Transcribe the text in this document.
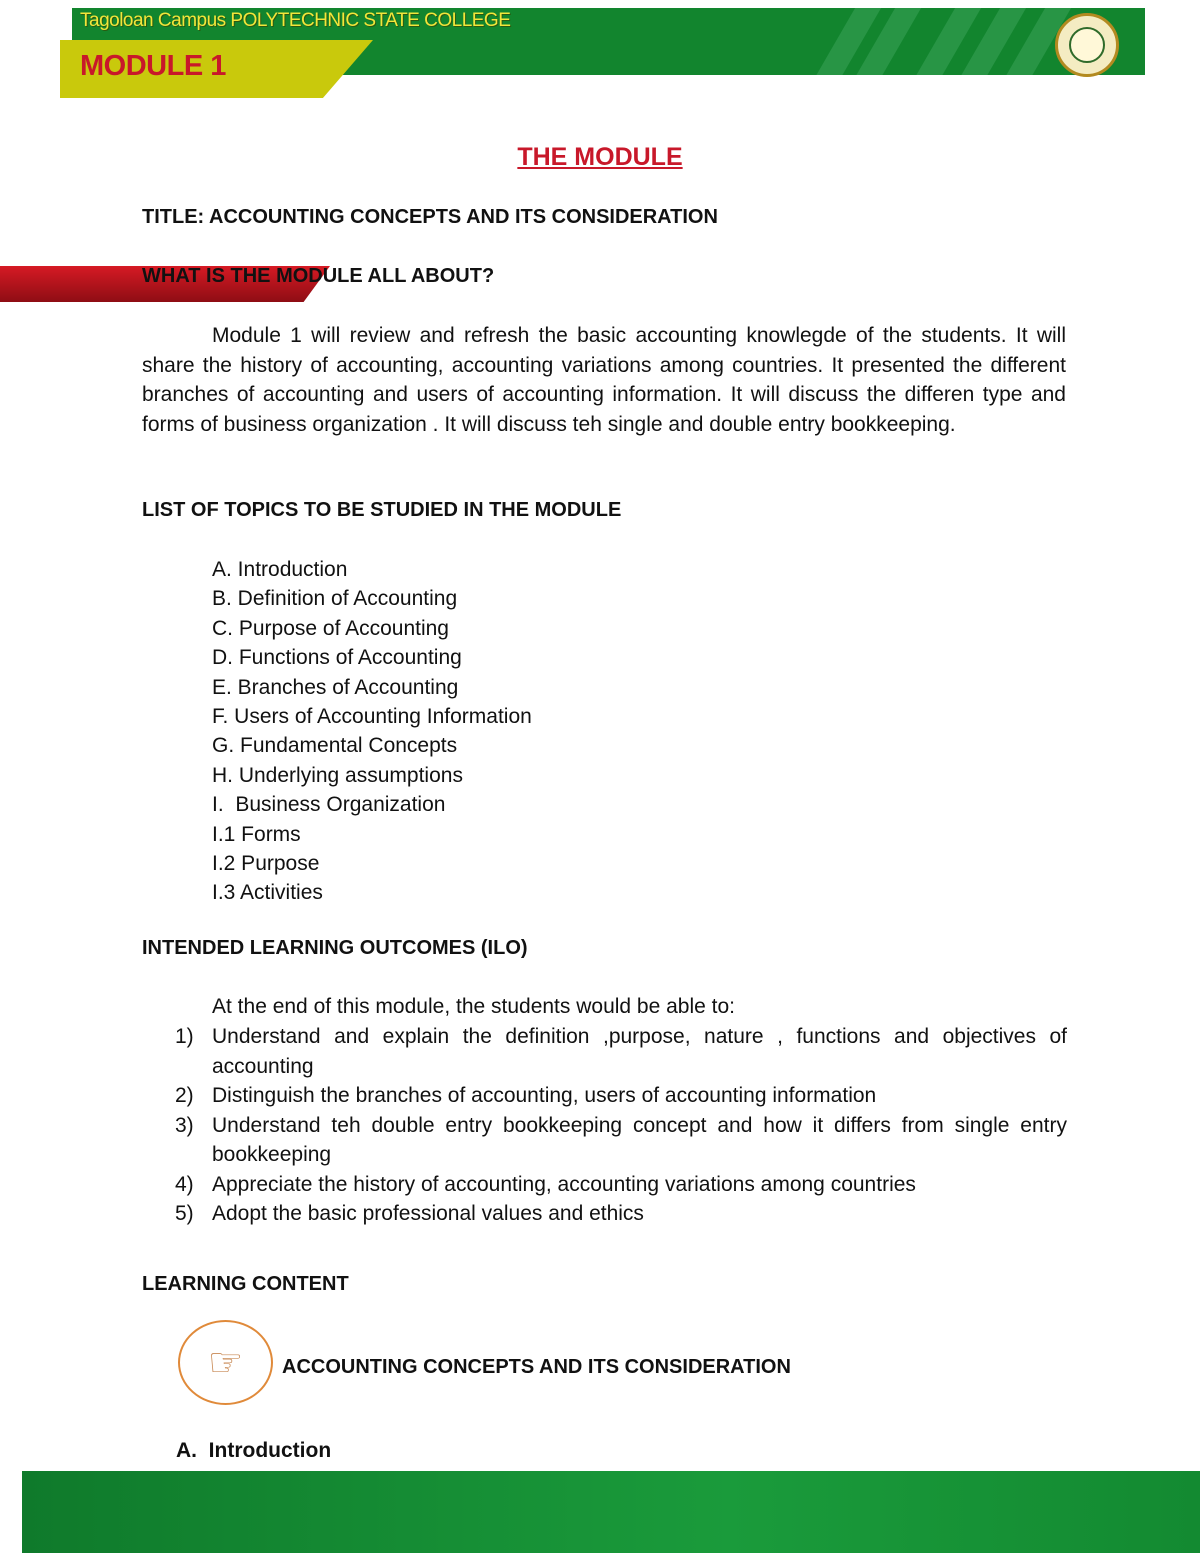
Tagoloan Campus POLYTECHNIC STATE COLLEGE
MODULE 1
THE MODULE
TITLE: ACCOUNTING CONCEPTS AND ITS CONSIDERATION
WHAT IS THE MODULE ALL ABOUT?

Module 1 will review and refresh the basic accounting knowlegde of the students. It will share the history of accounting, accounting variations among countries. It presented the different branches of accounting and users of accounting information. It will discuss the differen type and forms of business organization . It will discuss teh single and double entry bookkeeping.

LIST OF TOPICS TO BE STUDIED IN THE MODULE
A. Introduction
B. Definition of Accounting
C. Purpose of Accounting
D. Functions of Accounting
E. Branches of Accounting
F. Users of Accounting Information
G. Fundamental Concepts
H. Underlying assumptions
I.  Business Organization
I.1 Forms
I.2 Purpose
I.3 Activities
INTENDED LEARNING OUTCOMES (ILO)
At the end of this module, the students would be able to:
1) Understand and explain the definition ,purpose, nature , functions and objectives of accounting
2) Distinguish the branches of accounting, users of accounting information
3) Understand teh double entry bookkeeping concept and how it differs from single entry bookkeeping
4) Appreciate the history of accounting, accounting variations among countries
5) Adopt the basic professional values and ethics
LEARNING CONTENT
☞ ACCOUNTING CONCEPTS AND ITS CONSIDERATION
A.  Introduction
